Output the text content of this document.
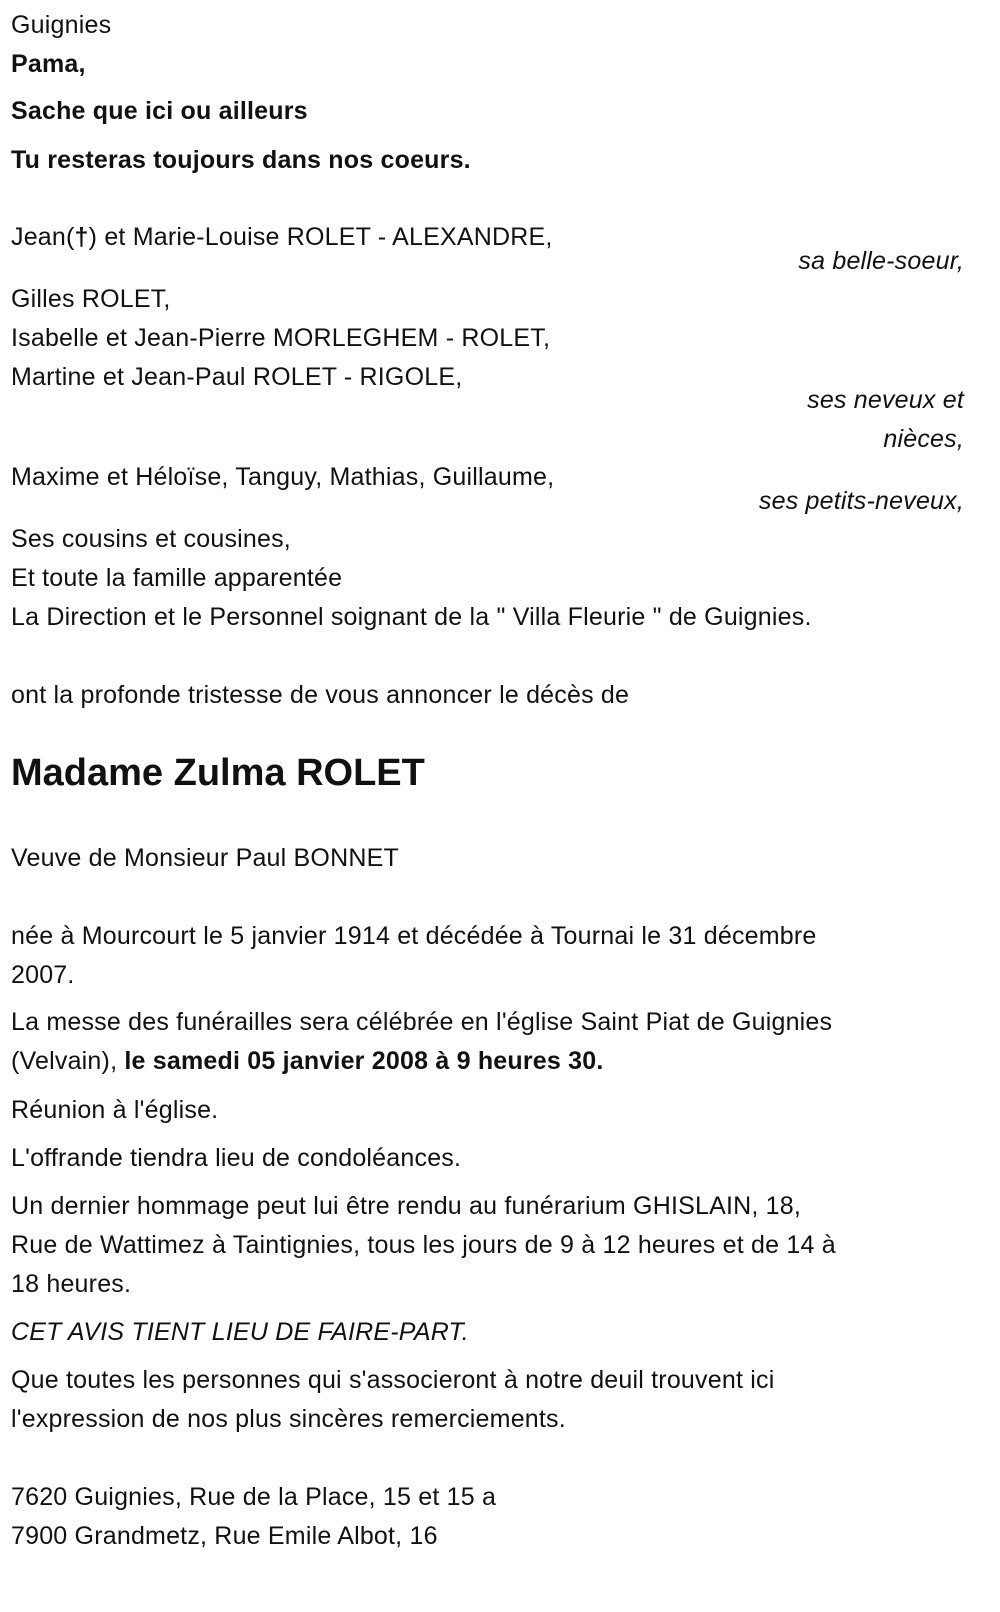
Guignies
Pama,
Sache que ici ou ailleurs
Tu resteras toujours dans nos coeurs.
Jean(†) et Marie-Louise ROLET - ALEXANDRE,
sa belle-soeur,
Gilles ROLET,
Isabelle et Jean-Pierre MORLEGHEM - ROLET,
Martine et Jean-Paul ROLET - RIGOLE,
ses neveux et
nièces,
Maxime et Héloïse, Tanguy, Mathias, Guillaume,
ses petits-neveux,
Ses cousins et cousines,
Et toute la famille apparentée
La Direction et le Personnel soignant de la " Villa Fleurie " de Guignies.
ont la profonde tristesse de vous annoncer le décès de
Madame Zulma ROLET
Veuve de Monsieur Paul BONNET
née à Mourcourt le 5 janvier 1914 et décédée à Tournai le 31 décembre
2007.
La messe des funérailles sera célébrée en l'église Saint Piat de Guignies
(Velvain), le samedi 05 janvier 2008 à 9 heures 30.
Réunion à l'église.
L'offrande tiendra lieu de condoléances.
Un dernier hommage peut lui être rendu au funérarium GHISLAIN, 18,
Rue de Wattimez à Taintignies, tous les jours de 9 à 12 heures et de 14 à
18 heures.
CET AVIS TIENT LIEU DE FAIRE-PART.
Que toutes les personnes qui s'associeront à notre deuil trouvent ici
l'expression de nos plus sincères remerciements.
7620 Guignies, Rue de la Place, 15 et 15 a
7900 Grandmetz, Rue Emile Albot, 16
